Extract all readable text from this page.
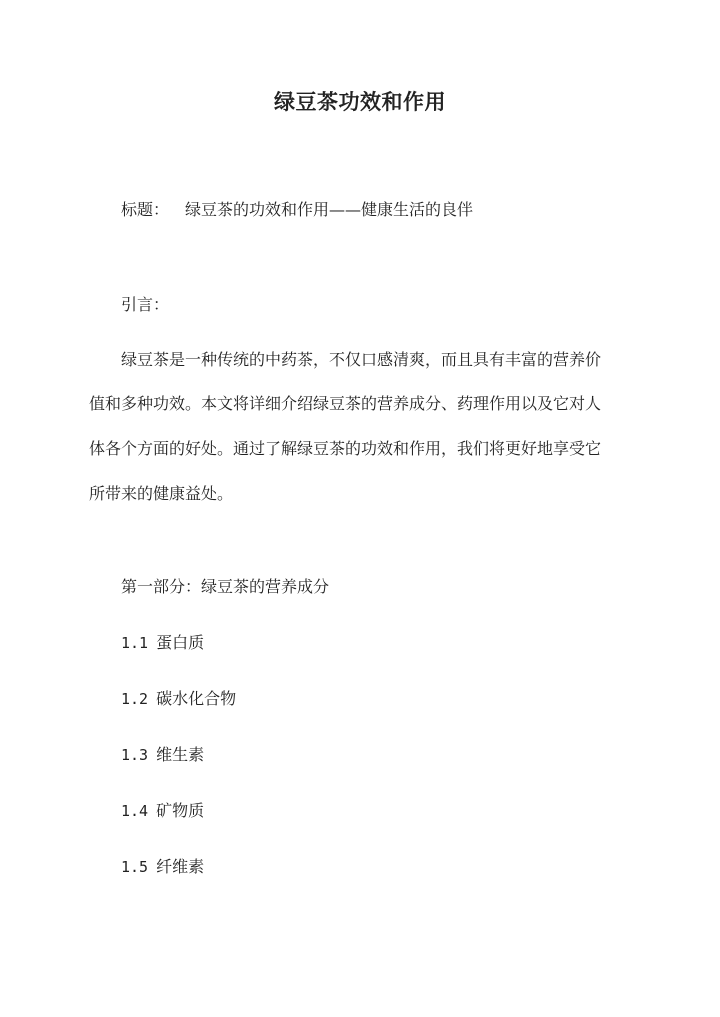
绿豆茶功效和作用

标题： 绿豆茶的功效和作用——健康生活的良伴

引言：

绿豆茶是一种传统的中药茶，不仅口感清爽，而且具有丰富的营养价

值和多种功效。本文将详细介绍绿豆茶的营养成分、药理作用以及它对人

体各个方面的好处。通过了解绿豆茶的功效和作用，我们将更好地享受它

所带来的健康益处。

第一部分：绿豆茶的营养成分

1.1 蛋白质

1.2 碳水化合物

1.3 维生素

1.4 矿物质

1.5 纤维素
